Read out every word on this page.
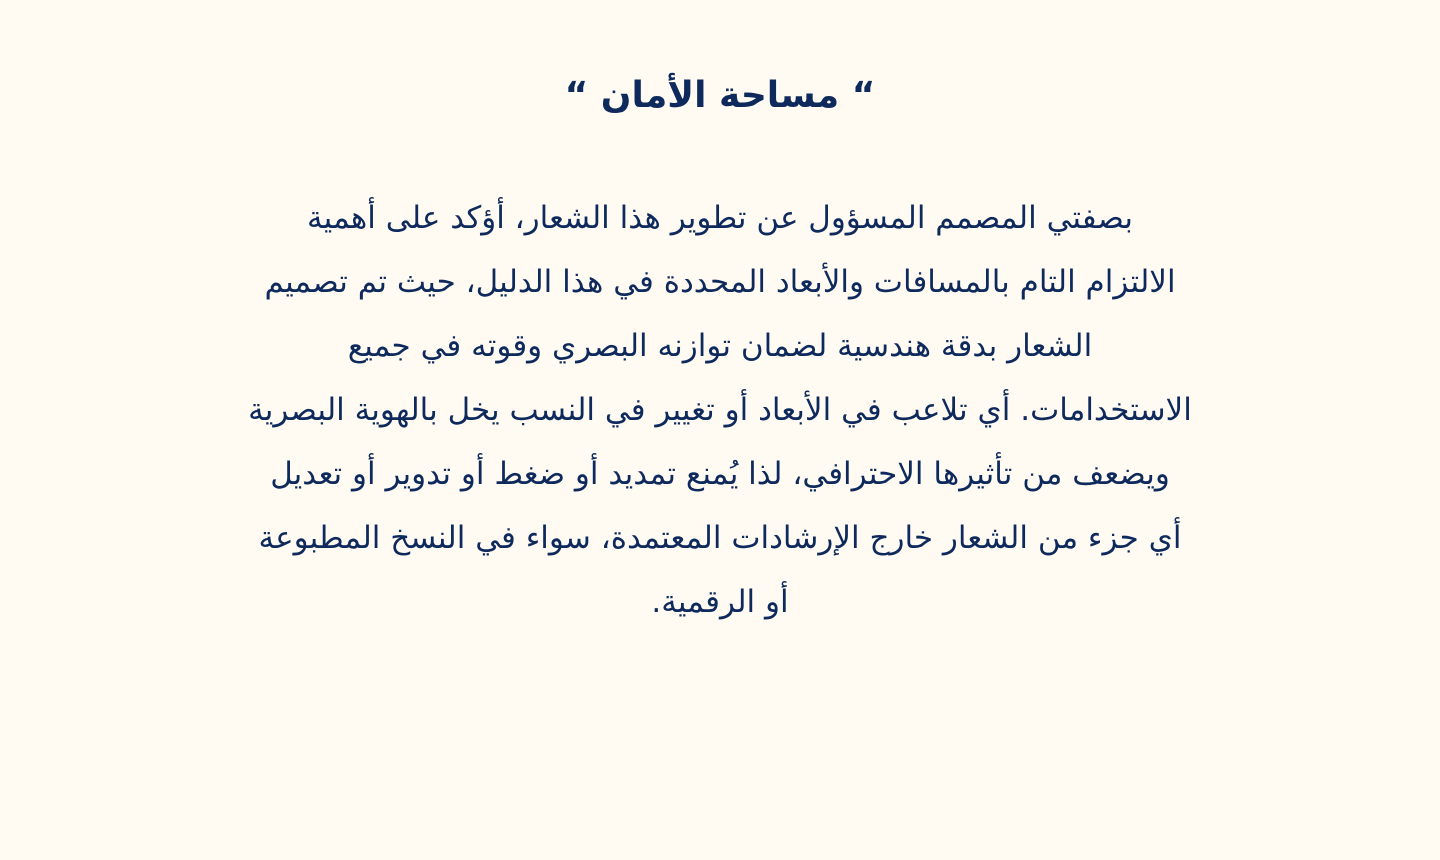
“ مساحة الأمان “
بصفتي المصمم المسؤول عن تطوير هذا الشعار، أؤكد على أهمية
الالتزام التام بالمسافات والأبعاد المحددة في هذا الدليل، حيث تم تصميم
الشعار بدقة هندسية لضمان توازنه البصري وقوته في جميع
الاستخدامات. أي تلاعب في الأبعاد أو تغيير في النسب يخل بالهوية البصرية
ويضعف من تأثيرها الاحترافي، لذا يُمنع تمديد أو ضغط أو تدوير أو تعديل
أي جزء من الشعار خارج الإرشادات المعتمدة، سواء في النسخ المطبوعة
أو الرقمية.
